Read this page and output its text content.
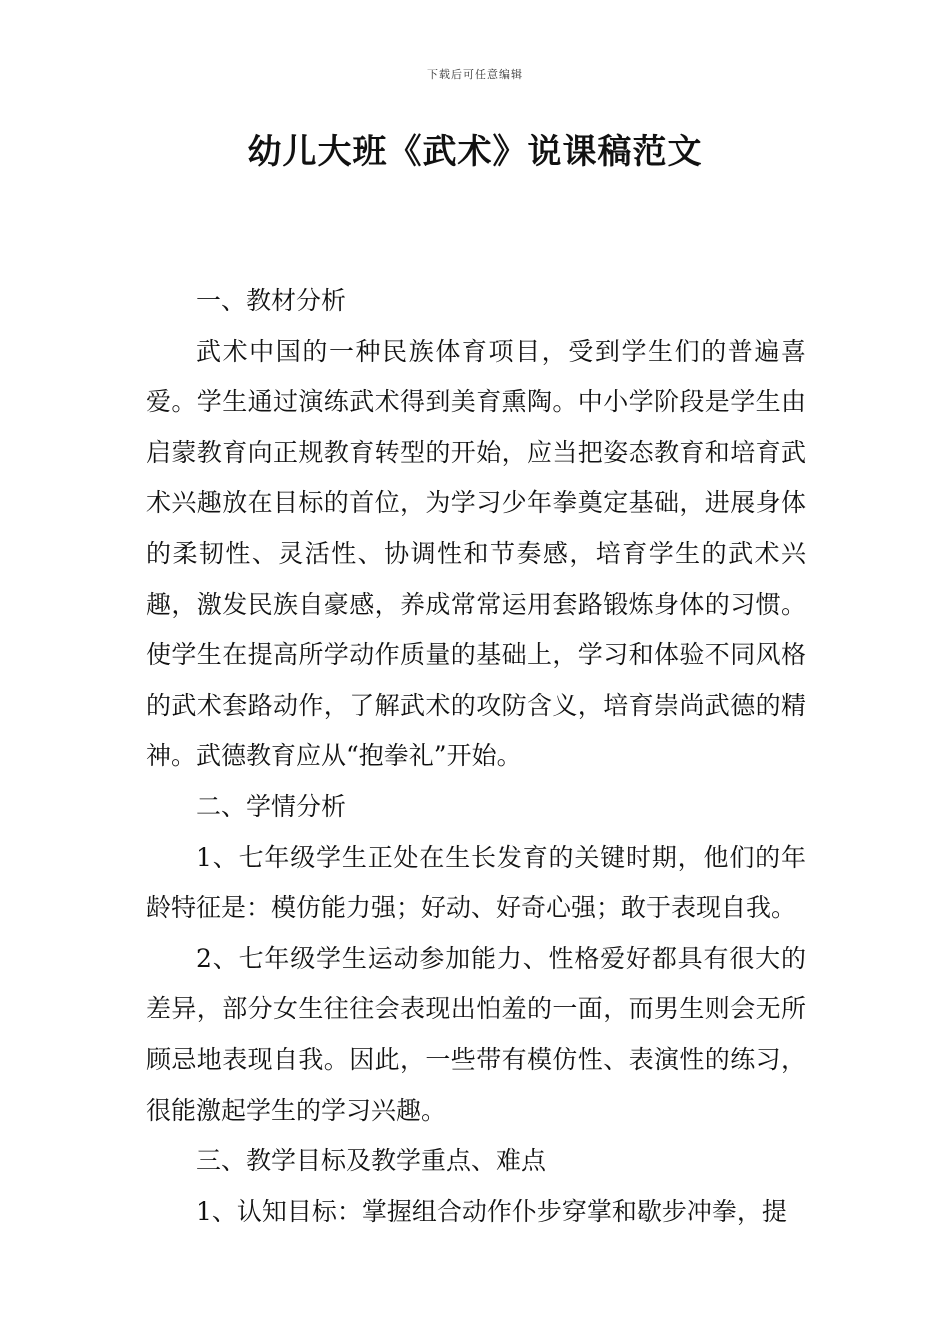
下载后可任意编辑
幼儿大班《武术》说课稿范文

一、教材分析

武术中国的一种民族体育项目，受到学生们的普遍喜爱。学生通过演练武术得到美育熏陶。中小学阶段是学生由启蒙教育向正规教育转型的开始，应当把姿态教育和培育武术兴趣放在目标的首位，为学习少年拳奠定基础，进展身体的柔韧性、灵活性、协调性和节奏感，培育学生的武术兴趣，激发民族自豪感，养成常常运用套路锻炼身体的习惯。使学生在提高所学动作质量的基础上，学习和体验不同风格的武术套路动作，了解武术的攻防含义，培育崇尚武德的精神。武德教育应从“抱拳礼”开始。

二、学情分析

1、七年级学生正处在生长发育的关键时期，他们的年龄特征是：模仿能力强；好动、好奇心强；敢于表现自我。

2、七年级学生运动参加能力、性格爱好都具有很大的差异，部分女生往往会表现出怕羞的一面，而男生则会无所顾忌地表现自我。因此，一些带有模仿性、表演性的练习，很能激起学生的学习兴趣。

三、教学目标及教学重点、难点

1、认知目标：掌握组合动作仆步穿掌和歇步冲拳，提
